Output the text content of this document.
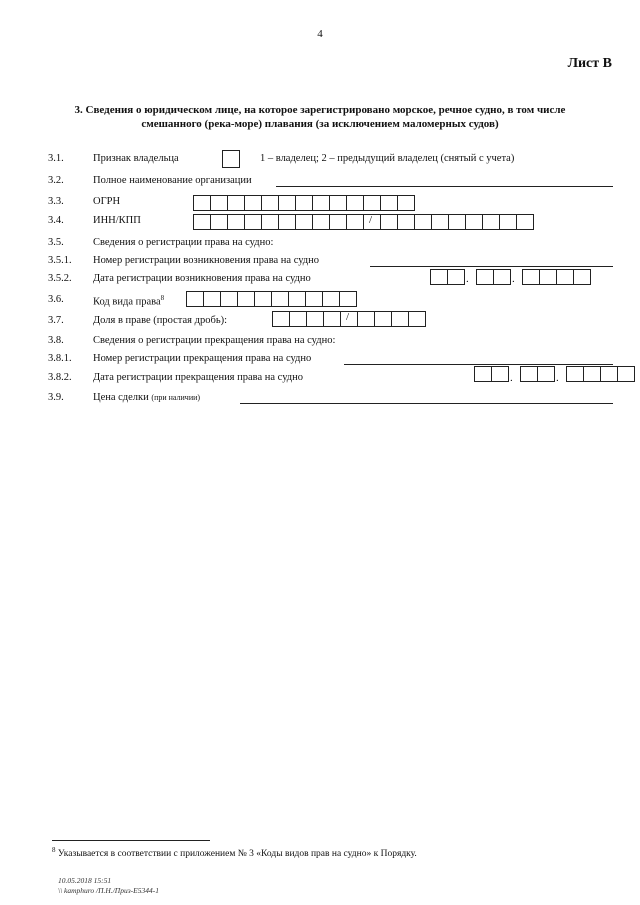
4
Лист В
3. Сведения о юридическом лице, на которое зарегистрировано морское, речное судно, в том числе
смешанного (река-море) плавания (за исключением маломерных судов)
3.1.	Признак владельца	1 – владелец; 2 – предыдущий владелец (снятый с учета)
3.2.	Полное наименование организации
3.3.	ОГРН
3.4.	ИНН/КПП
/
3.5.	Сведения о регистрации права на судно:
3.5.1. Номер регистрации возникновения права на судно
3.5.2. Дата регистрации возникновения права на судно	.	.
3.6.	Код вида права$^8$
3.7.	Доля в праве (простая дробь):
/
3.8.	Сведения о регистрации прекращения права на судно:
3.8.1. Номер регистрации прекращения права на судно
3.8.2. Дата регистрации прекращения права на судно	.	.
3.9.	Цена сделки (при наличии)
$^8$ Указывается в соответствии с приложением № 3 «Коды видов прав на судно» к Порядку.
10.05.2018 15:51
\\ kamphuro /П.Н./Приз-Е5344-1
